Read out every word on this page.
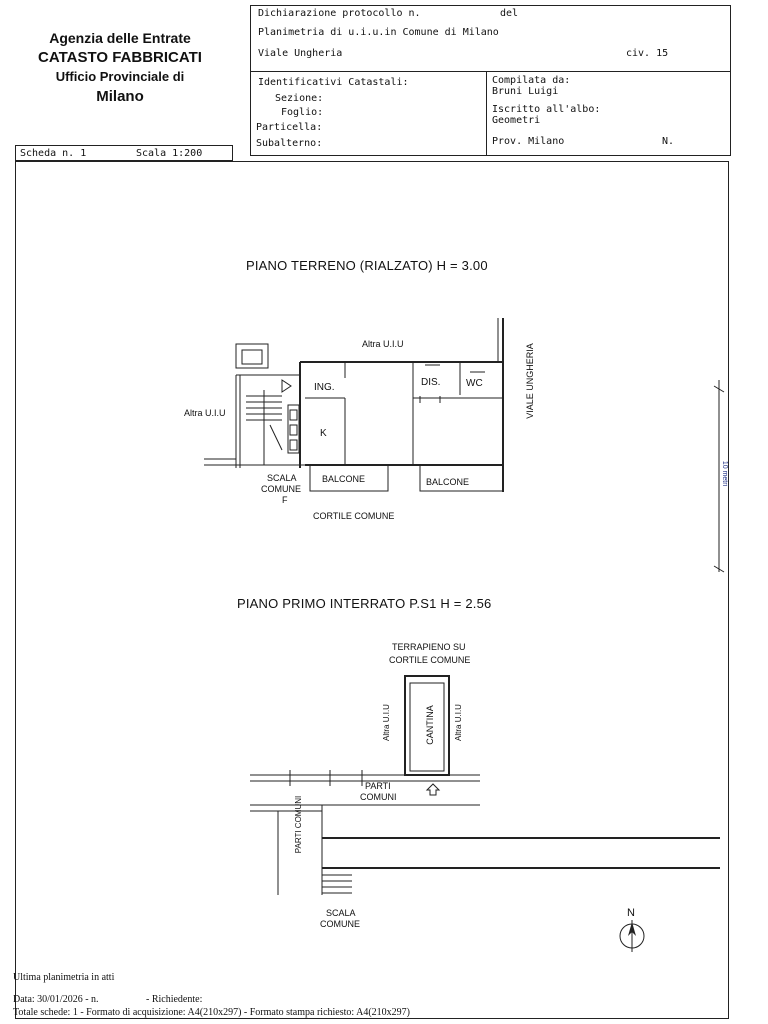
Agenzia delle Entrate
CATASTO FABBRICATI
Ufficio Provinciale di
Milano
Dichiarazione protocollo n.	del
Planimetria di u.i.u.in Comune di Milano
Viale Ungheria	civ. 15
Identificativi Catastali:
Sezione:
Foglio:
Particella:
Subalterno:
Compilata da:
Bruni Luigi
Iscritto all'albo:
Geometri
Prov. Milano	N.
Scheda n. 1	Scala 1:200
PIANO TERRENO (RIALZATO) H = 3.00
PIANO PRIMO INTERRATO P.S1 H = 2.56
Altra U.I.U
Altra U.I.U
ING.	DIS.	WC
K
VIALE UNGHERIA
SCALA
COMUNE
F
BALCONE	BALCONE
CORTILE COMUNE
TERRAPIENO SU
CORTILE COMUNE
Altra U.I.U	Altra U.I.U
CANTINA
PARTI
COMUNI
PARTI COMUNI
SCALA
COMUNE
N
10 metri
Ultima planimetria in atti
Data: 30/01/2026 - n.	- Richiedente:
Totale schede: 1 - Formato di acquisizione: A4(210x297) - Formato stampa richiesto: A4(210x297)
